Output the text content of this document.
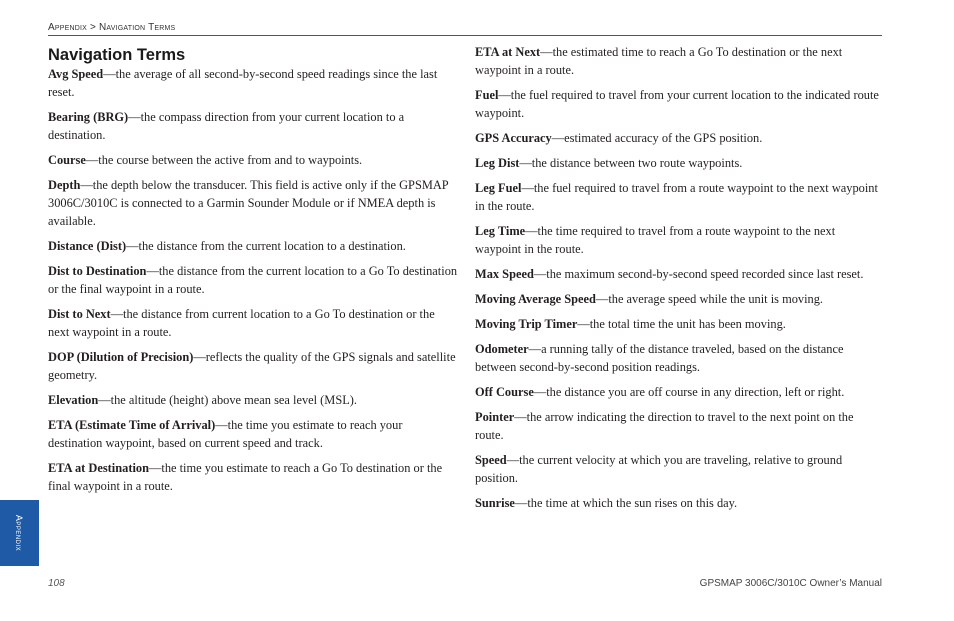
Appendix > Navigation Terms
Navigation Terms

Avg Speed—the average of all second-by-second speed readings since the last reset.

Bearing (BRG)—the compass direction from your current location to a destination.

Course—the course between the active from and to waypoints.

Depth—the depth below the transducer. This field is active only if the GPSMAP 3006C/3010C is connected to a Garmin Sounder Module or if NMEA depth is available.

Distance (Dist)—the distance from the current location to a destination.

Dist to Destination—the distance from the current location to a Go To destination or the final waypoint in a route.

Dist to Next—the distance from current location to a Go To destination or the next waypoint in a route.

DOP (Dilution of Precision)—reflects the quality of the GPS signals and satellite geometry.

Elevation—the altitude (height) above mean sea level (MSL).

ETA (Estimate Time of Arrival)—the time you estimate to reach your destination waypoint, based on current speed and track.

ETA at Destination—the time you estimate to reach a Go To destination or the final waypoint in a route.

ETA at Next—the estimated time to reach a Go To destination or the next waypoint in a route.

Fuel—the fuel required to travel from your current location to the indicated route waypoint.

GPS Accuracy—estimated accuracy of the GPS position.

Leg Dist—the distance between two route waypoints.

Leg Fuel—the fuel required to travel from a route waypoint to the next waypoint in the route.

Leg Time—the time required to travel from a route waypoint to the next waypoint in the route.

Max Speed—the maximum second-by-second speed recorded since last reset.

Moving Average Speed—the average speed while the unit is moving.

Moving Trip Timer—the total time the unit has been moving.

Odometer—a running tally of the distance traveled, based on the distance between second-by-second position readings.

Off Course—the distance you are off course in any direction, left or right.

Pointer—the arrow indicating the direction to travel to the next point on the route.

Speed—the current velocity at which you are traveling, relative to ground position.

Sunrise—the time at which the sun rises on this day.

Appendix
108	GPSMAP 3006C/3010C Owner’s Manual
